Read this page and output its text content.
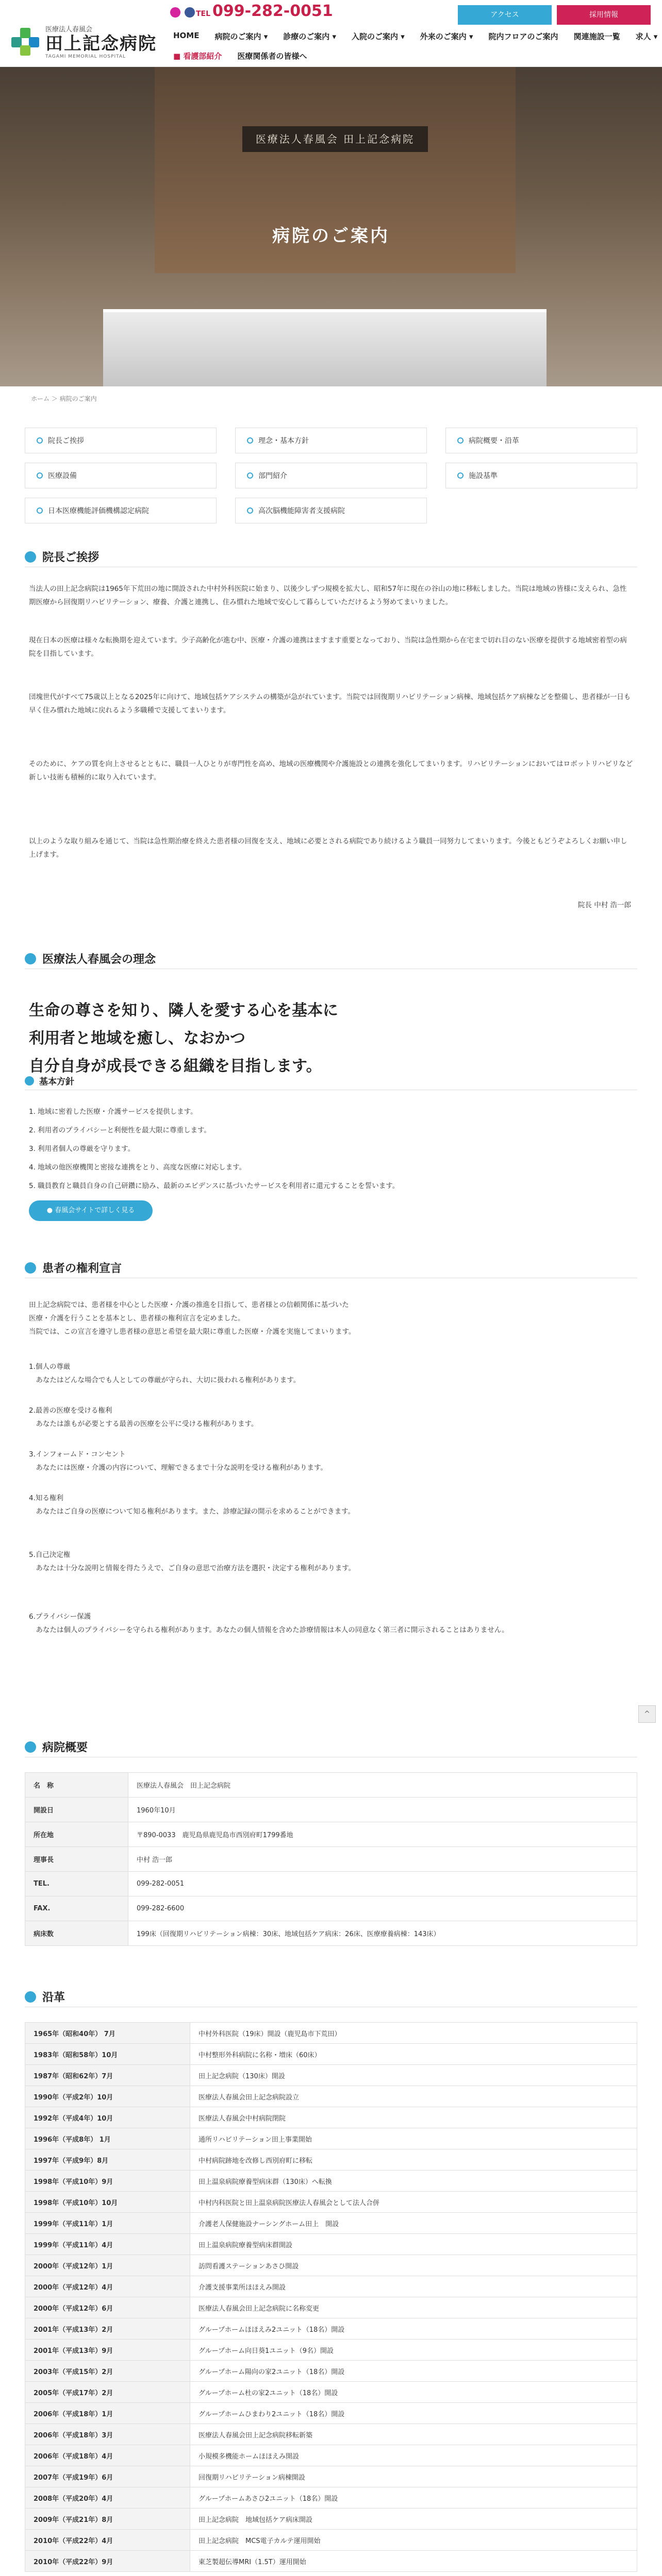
医療法人春風会
田上記念病院
TAGAMI MEMORIAL HOSPITAL
TEL 099-282-0051	アクセス	採用情報
HOME 病院のご案内 ▾ 診療のご案内 ▾ 入院のご案内 ▾ 外来のご案内 ▾ 院内フロアのご案内 関連施設一覧 求人 ▾
■ 看護部紹介 医療関係者の皆様へ
医療法人春風会 田上記念病院
病院のご案内
ホーム ＞ 病院のご案内
院長ご挨拶	理念・基本方針	病院概要・沿革
医療設備	部門紹介	施設基準
日本医療機能評価機構認定病院	高次脳機能障害者支援病院
院長ご挨拶
当法人の田上記念病院は1965年下荒田の地に開設された中村外科医院に始まり、以後少しずつ規模を拡大し、昭和57年に現在の谷山の地に移転しました。当院は地域の皆様に支えられ、急性期医療から回復期リハビリテーション、療養、介護と連携し、住み慣れた地域で安心して暮らしていただけるよう努めてまいりました。
現在日本の医療は様々な転換期を迎えています。少子高齢化が進む中、医療・介護の連携はますます重要となっており、当院は急性期から在宅まで切れ目のない医療を提供する地域密着型の病院を目指しています。
団塊世代がすべて75歳以上となる2025年に向けて、地域包括ケアシステムの構築が急がれています。当院では回復期リハビリテーション病棟、地域包括ケア病棟などを整備し、患者様が一日も早く住み慣れた地域に戻れるよう多職種で支援してまいります。
そのために、ケアの質を向上させるとともに、職員一人ひとりが専門性を高め、地域の医療機関や介護施設との連携を強化してまいります。リハビリテーションにおいてはロボットリハビリなど新しい技術も積極的に取り入れています。
以上のような取り組みを通じて、当院は急性期治療を終えた患者様の回復を支え、地域に必要とされる病院であり続けるよう職員一同努力してまいります。今後ともどうぞよろしくお願い申し上げます。
院長 中村 浩一郎
医療法人春風会の理念
生命の尊さを知り、隣人を愛する心を基本に
利用者と地域を癒し、なおかつ
自分自身が成長できる組織を目指します。
基本方針
1. 地域に密着した医療・介護サービスを提供します。
2. 利用者のプライバシーと利便性を最大限に尊重します。
3. 利用者個人の尊厳を守ります。
4. 地域の他医療機関と密接な連携をとり、高度な医療に対応します。
5. 職員教育と職員自身の自己研鑽に励み、最新のエビデンスに基づいたサービスを利用者に還元することを誓います。
● 春風会サイトで詳しく見る
患者の権利宣言
田上記念病院では、患者様を中心とした医療・介護の推進を目指して、患者様との信頼関係に基づいた
医療・介護を行うことを基本とし、患者様の権利宣言を定めました。
当院では、この宣言を遵守し患者様の意思と希望を最大限に尊重した医療・介護を実施してまいります。
1.個人の尊厳
　あなたはどんな場合でも人としての尊厳が守られ、大切に扱われる権利があります。
2.最善の医療を受ける権利
　あなたは誰もが必要とする最善の医療を公平に受ける権利があります。
3.インフォームド・コンセント
　あなたには医療・介護の内容について、理解できるまで十分な説明を受ける権利があります。
4.知る権利
　あなたはご自身の医療について知る権利があります。また、診療記録の開示を求めることができます。
5.自己決定権
　あなたは十分な説明と情報を得たうえで、ご自身の意思で治療方法を選択・決定する権利があります。
6.プライバシー保護
　あなたは個人のプライバシーを守られる権利があります。あなたの個人情報を含めた診療情報は本人の同意なく第三者に開示されることはありません。
^
病院概要
名　称	医療法人春風会　田上記念病院
開設日	1960年10月
所在地	〒890-0033　鹿児島県鹿児島市西別府町1799番地
理事長	中村 浩一郎
TEL.	099-282-0051
FAX.	099-282-6600
病床数	199床（回復期リハビリテーション病棟：30床、地域包括ケア病床：26床、医療療養病棟：143床）
沿革
1965年（昭和40年） 7月	中村外科医院（19床）開設（鹿児島市下荒田）
1983年（昭和58年）10月	中村整形外科病院に名称・増床（60床）
1987年（昭和62年）7月	田上記念病院（130床）開設
1990年（平成2年）10月	医療法人春風会田上記念病院設立
1992年（平成4年）10月	医療法人春風会中村病院閉院
1996年（平成8年） 1月	通所リハビリテーション田上事業開始
1997年（平成9年）8月	中村病院跡地を改修し西別府町に移転
1998年（平成10年）9月	田上温泉病院療養型病床群（130床）へ転換
1998年（平成10年）10月	中村内科医院と田上温泉病院医療法人春風会として法人合併
1999年（平成11年）1月	介護老人保健施設ナーシングホーム田上　開設
1999年（平成11年）4月	田上温泉病院療養型病床群開設
2000年（平成12年）1月	訪問看護ステーションあさひ開設
2000年（平成12年）4月	介護支援事業所ほほえみ開設
2000年（平成12年）6月	医療法人春風会田上記念病院に名称変更
2001年（平成13年）2月	グループホームほほえみ2ユニット（18名）開設
2001年（平成13年）9月	グループホーム向日葵1ユニット（9名）開設
2003年（平成15年）2月	グループホーム陽向の家2ユニット（18名）開設
2005年（平成17年）2月	グループホーム杜の家2ユニット（18名）開設
2006年（平成18年）1月	グループホームひまわり2ユニット（18名）開設
2006年（平成18年）3月	医療法人春風会田上記念病院移転新築
2006年（平成18年）4月	小規模多機能ホームほほえみ開設
2007年（平成19年）6月	回復期リハビリテーション病棟開設
2008年（平成20年）4月	グループホームあさひ2ユニット（18名）開設
2009年（平成21年）8月	田上記念病院　地域包括ケア病床開設
2010年（平成22年）4月	田上記念病院　MCS電子カルテ運用開始
2010年（平成22年）9月	東芝製超伝導MRI（1.5T）運用開始
